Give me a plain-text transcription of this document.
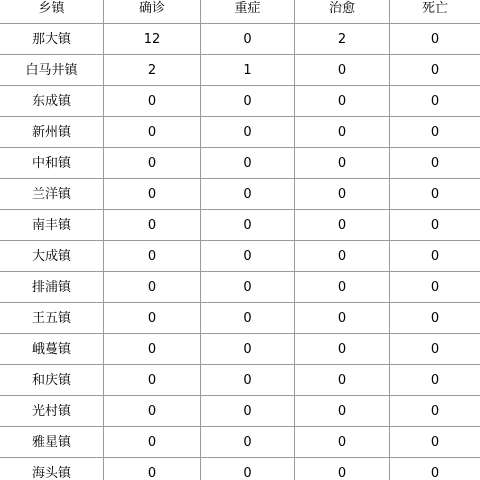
乡镇	确诊	重症	治愈	死亡
那大镇	12	0	2	0
白马井镇	2	1	0	0
东成镇	0	0	0	0
新州镇	0	0	0	0
中和镇	0	0	0	0
兰洋镇	0	0	0	0
南丰镇	0	0	0	0
大成镇	0	0	0	0
排浦镇	0	0	0	0
王五镇	0	0	0	0
峨蔓镇	0	0	0	0
和庆镇	0	0	0	0
光村镇	0	0	0	0
雅星镇	0	0	0	0
海头镇	0	0	0	0
